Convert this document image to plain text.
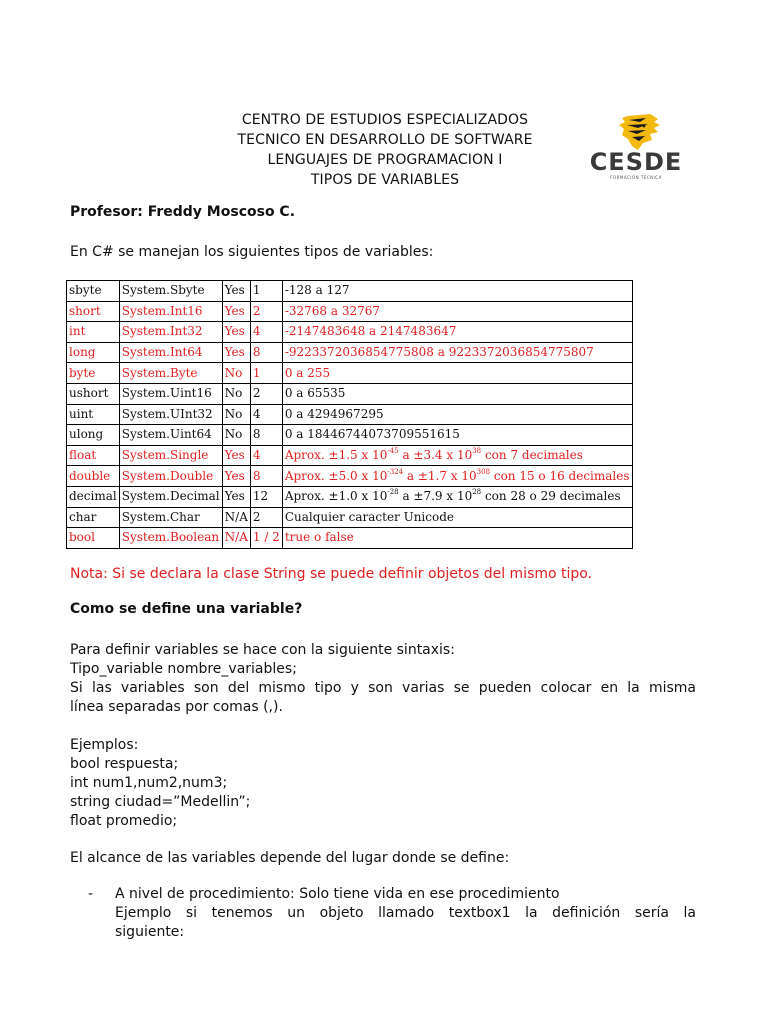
CENTRO DE ESTUDIOS ESPECIALIZADOS
TECNICO EN DESARROLLO DE SOFTWARE
LENGUAJES DE PROGRAMACION I
TIPOS DE VARIABLES
CESDE
FORMACION TECNICA
Profesor: Freddy Moscoso C.
En C# se manejan los siguientes tipos de variables:
sbyte	System.Sbyte	Yes	1	-128 a 127
short	System.Int16	Yes	2	-32768 a 32767
int	System.Int32	Yes	4	-2147483648 a 2147483647
long	System.Int64	Yes	8	-9223372036854775808 a 9223372036854775807
byte	System.Byte	No	1	0 a 255
ushort	System.Uint16	No	2	0 a 65535
uint	System.UInt32	No	4	0 a 4294967295
ulong	System.Uint64	No	8	0 a 18446744073709551615
float	System.Single	Yes	4	Aprox. ±1.5 x $10^{-45}$ a ±3.4 x $10^{38}$ con 7 decimales
double	System.Double	Yes	8	Aprox. ±5.0 x $10^{-324}$ a ±1.7 x $10^{308}$ con 15 o 16 decimales
decimal	System.Decimal	Yes	12	Aprox. ±1.0 x $10^{-28}$ a ±7.9 x $10^{28}$ con 28 o 29 decimales
char	System.Char	N/A	2	Cualquier caracter Unicode
bool	System.Boolean	N/A	1 / 2	true o false
Nota: Si se declara la clase String se puede definir objetos del mismo tipo.
Como se define una variable?
Para definir variables se hace con la siguiente sintaxis:
Tipo_variable nombre_variables;
Si las variables son del mismo tipo y son varias se pueden colocar en la misma
línea separadas por comas (,).
Ejemplos:
bool respuesta;
int num1,num2,num3;
string ciudad=”Medellin”;
float promedio;
El alcance de las variables depende del lugar donde se define:
- A nivel de procedimiento: Solo tiene vida en ese procedimiento
Ejemplo si tenemos un objeto llamado textbox1 la definición sería la
siguiente:
